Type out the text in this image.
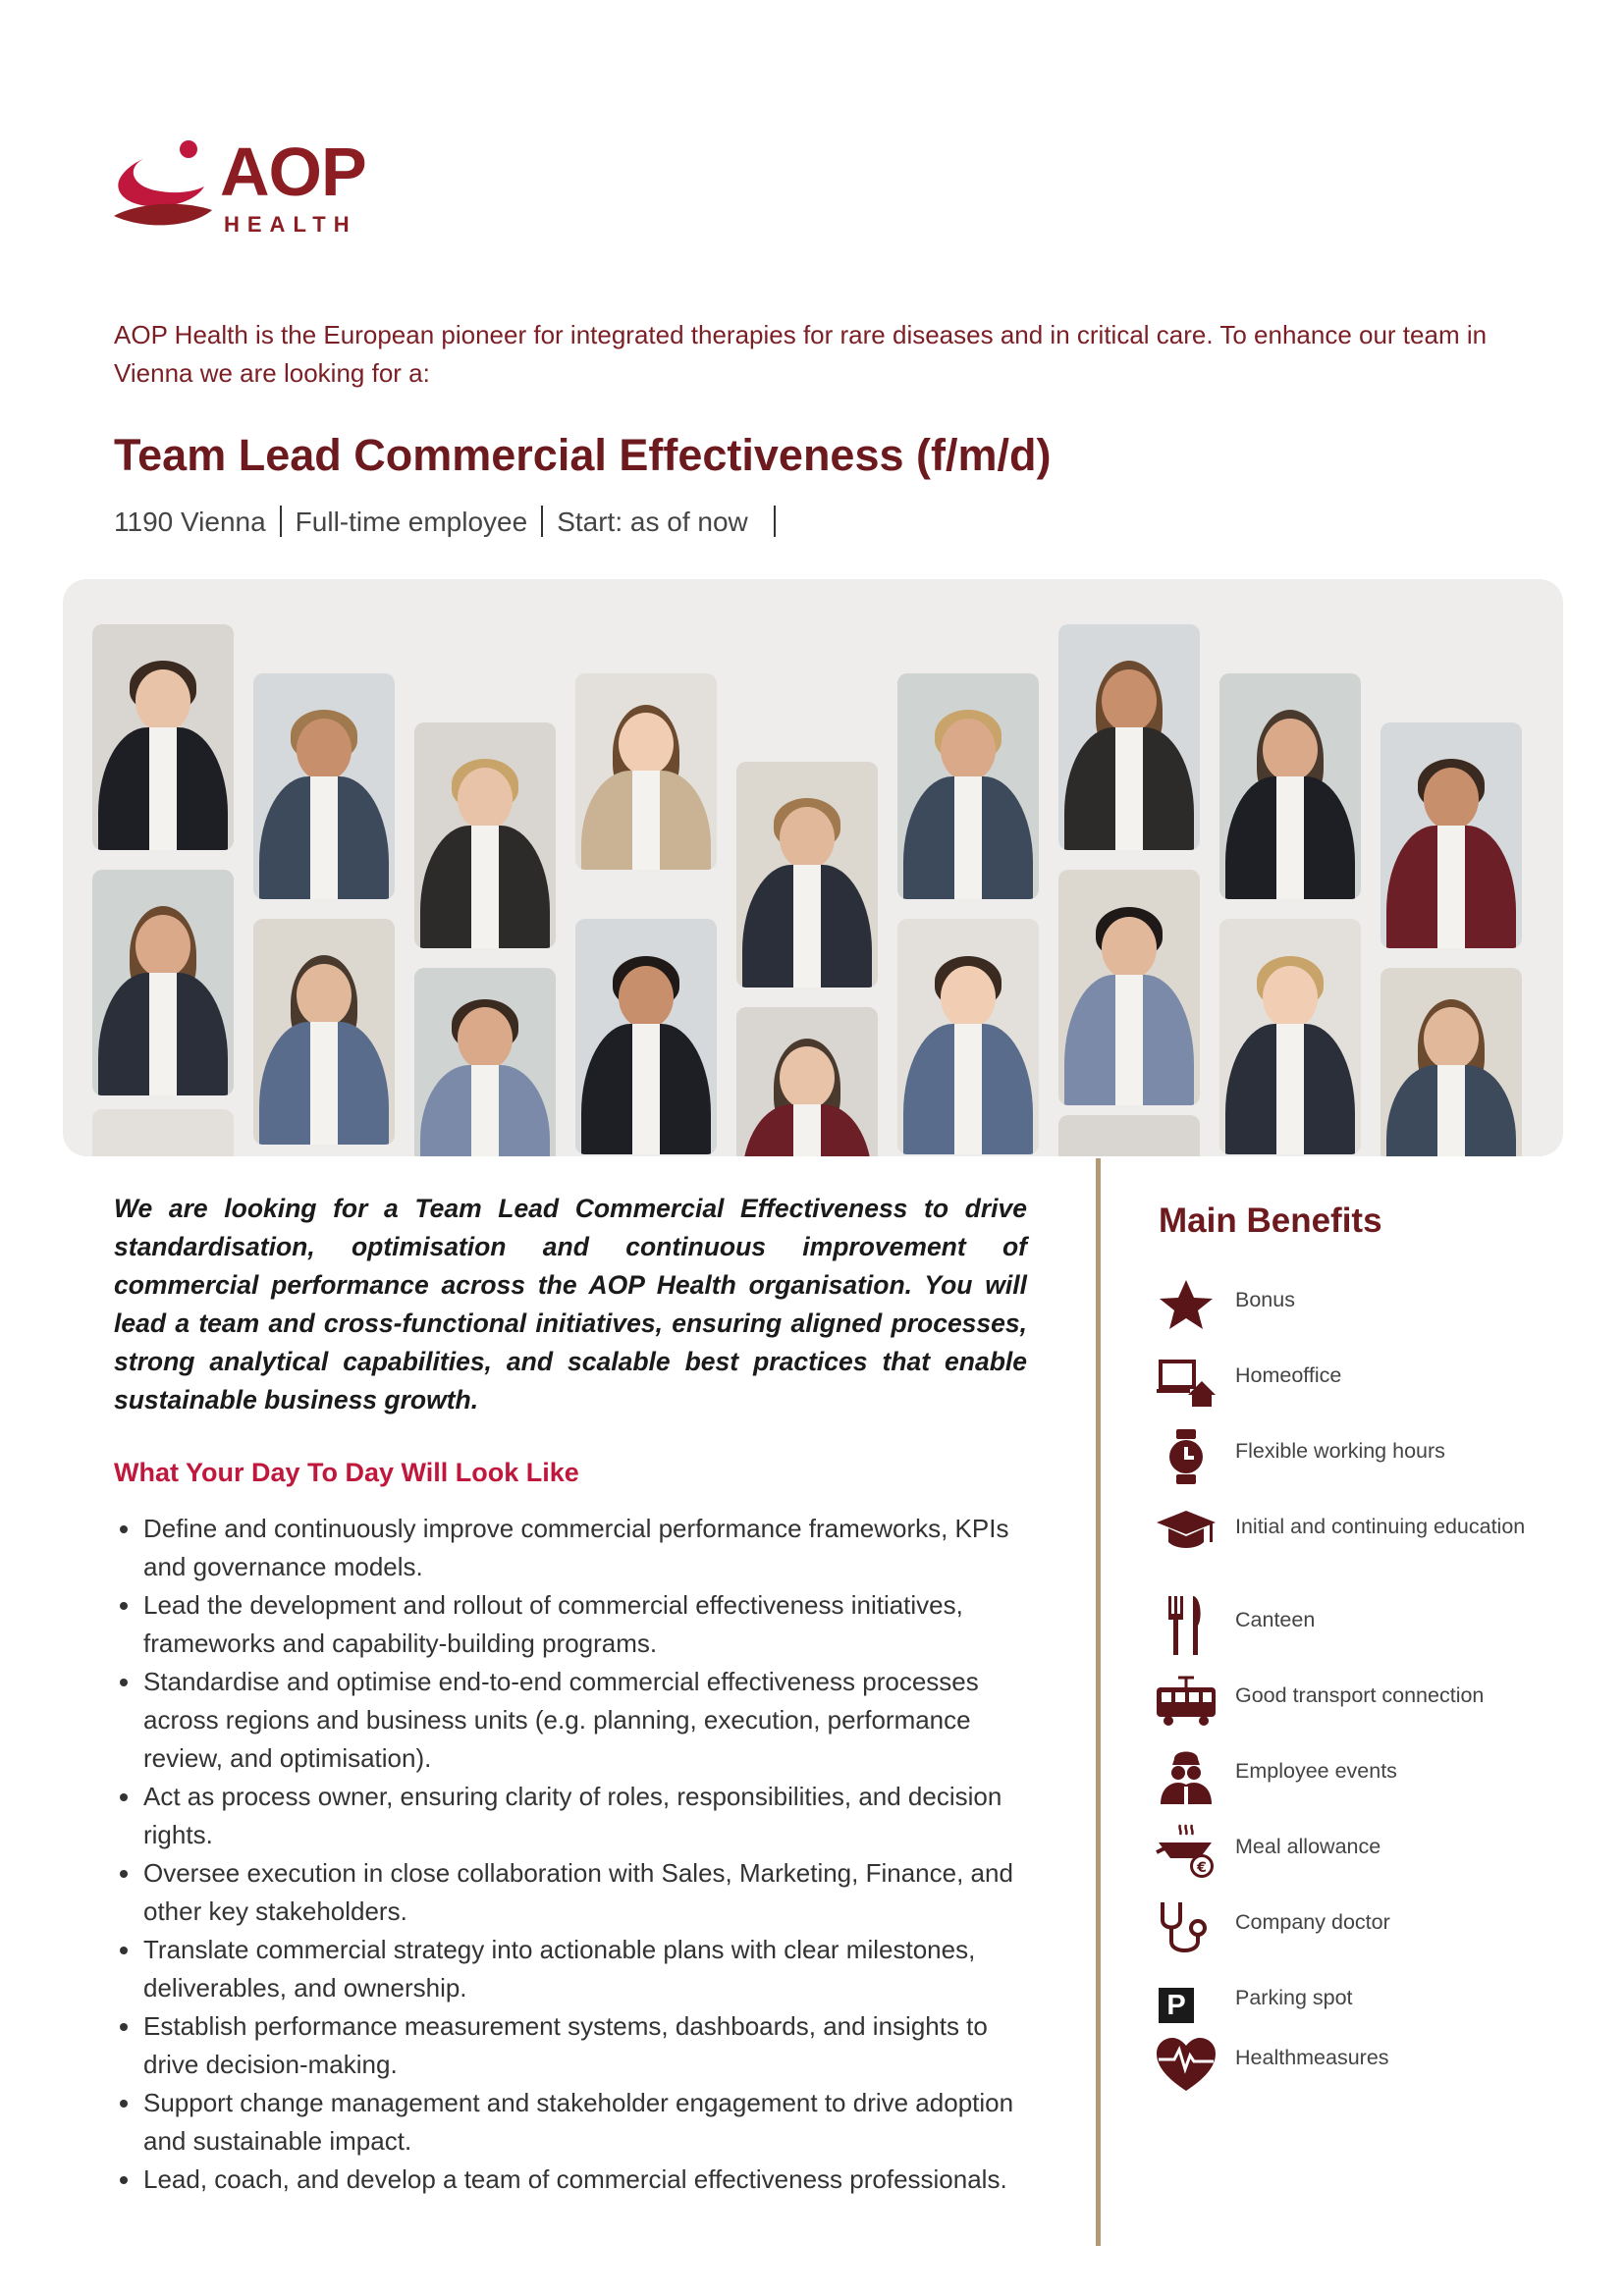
AOP
HEALTH
AOP Health is the European pioneer for integrated therapies for rare diseases and in critical care. To enhance our team in Vienna we are looking for a:
Team Lead Commercial Effectiveness (f/m/d)
1190 Vienna Full-time employee Start: as of now
We are looking for a Team Lead Commercial Effectiveness to drive standardisation, optimisation and continuous improvement of commercial performance across the AOP Health organisation. You will lead a team and cross-functional initiatives, ensuring aligned processes, strong analytical capabilities, and scalable best practices that enable sustainable business growth.
What Your Day To Day Will Look Like
Define and continuously improve commercial performance frameworks, KPIs and governance models.
Lead the development and rollout of commercial effectiveness initiatives, frameworks and capability-building programs.
Standardise and optimise end-to-end commercial effectiveness processes across regions and business units (e.g. planning, execution, performance review, and optimisation).
Act as process owner, ensuring clarity of roles, responsibilities, and decision rights.
Oversee execution in close collaboration with Sales, Marketing, Finance, and other key stakeholders.
Translate commercial strategy into actionable plans with clear milestones, deliverables, and ownership.
Establish performance measurement systems, dashboards, and insights to drive decision-making.
Support change management and stakeholder engagement to drive adoption and sustainable impact.
Lead, coach, and develop a team of commercial effectiveness professionals.
Main Benefits
Bonus
Homeoffice
Flexible working hours
Initial and continuing education
Canteen
Good transport connection
Employee events
€
Meal allowance
Company doctor
P	Parking spot
Healthmeasures
